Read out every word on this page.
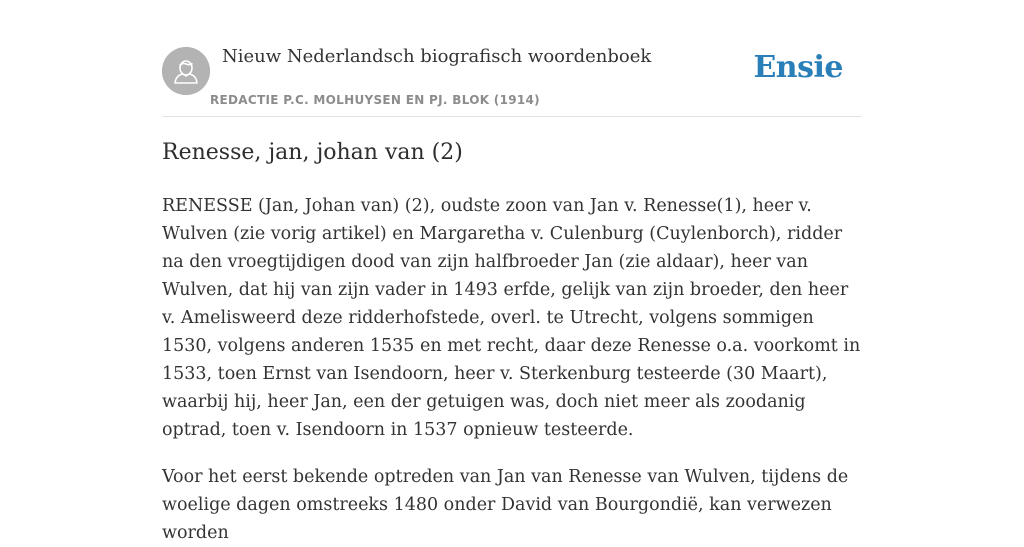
Nieuw Nederlandsch biografisch woordenboek
REDACTIE P.C. MOLHUYSEN EN PJ. BLOK (1914)
Ensie
Renesse, jan, johan van (2)

RENESSE (Jan, Johan van) (2), oudste zoon van Jan v. Renesse(1), heer v. Wulven (zie vorig artikel) en Margaretha v. Culenburg (Cuylenborch), ridder na den vroegtijdigen dood van zijn halfbroeder Jan (zie aldaar), heer van Wulven, dat hij van zijn vader in 1493 erfde, gelijk van zijn broeder, den heer v. Amelisweerd deze ridderhofstede, overl. te Utrecht, volgens sommigen 1530, volgens anderen 1535 en met recht, daar deze Renesse o.a. voorkomt in 1533, toen Ernst van Isendoorn, heer v. Sterkenburg testeerde (30 Maart), waarbij hij, heer Jan, een der getuigen was, doch niet meer als zoodanig optrad, toen v. Isendoorn in 1537 opnieuw testeerde.

Voor het eerst bekende optreden van Jan van Renesse van Wulven, tijdens de woelige dagen omstreeks 1480 onder David van Bourgondië, kan verwezen worden
